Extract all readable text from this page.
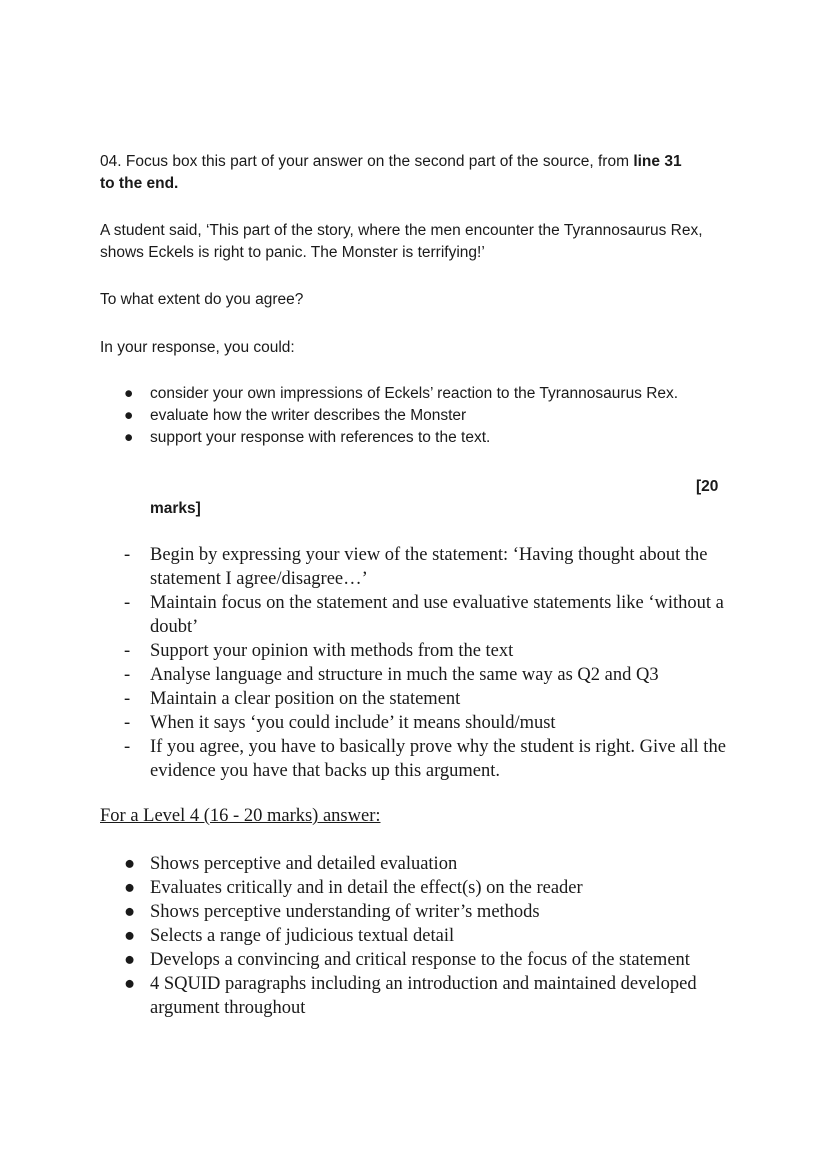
04. Focus box this part of your answer on the second part of the source, from line 31
to the end.

A student said, ‘This part of the story, where the men encounter the Tyrannosaurus Rex, shows Eckels is right to panic. The Monster is terrifying!’

To what extent do you agree?

In your response, you could:

● consider your own impressions of Eckels’ reaction to the Tyrannosaurus Rex.
● evaluate how the writer describes the Monster
● support your response with references to the text.

[20

marks]

- Begin by expressing your view of the statement: ‘Having thought about the statement I agree/disagree…’
- Maintain focus on the statement and use evaluative statements like ‘without a doubt’
- Support your opinion with methods from the text
- Analyse language and structure in much the same way as Q2 and Q3
- Maintain a clear position on the statement
- When it says ‘you could include’ it means should/must
- If you agree, you have to basically prove why the student is right. Give all the evidence you have that backs up this argument.

For a Level 4 (16 - 20 marks) answer:

● Shows perceptive and detailed evaluation
● Evaluates critically and in detail the effect(s) on the reader
● Shows perceptive understanding of writer’s methods
● Selects a range of judicious textual detail
● Develops a convincing and critical response to the focus of the statement
● 4 SQUID paragraphs including an introduction and maintained developed argument throughout
